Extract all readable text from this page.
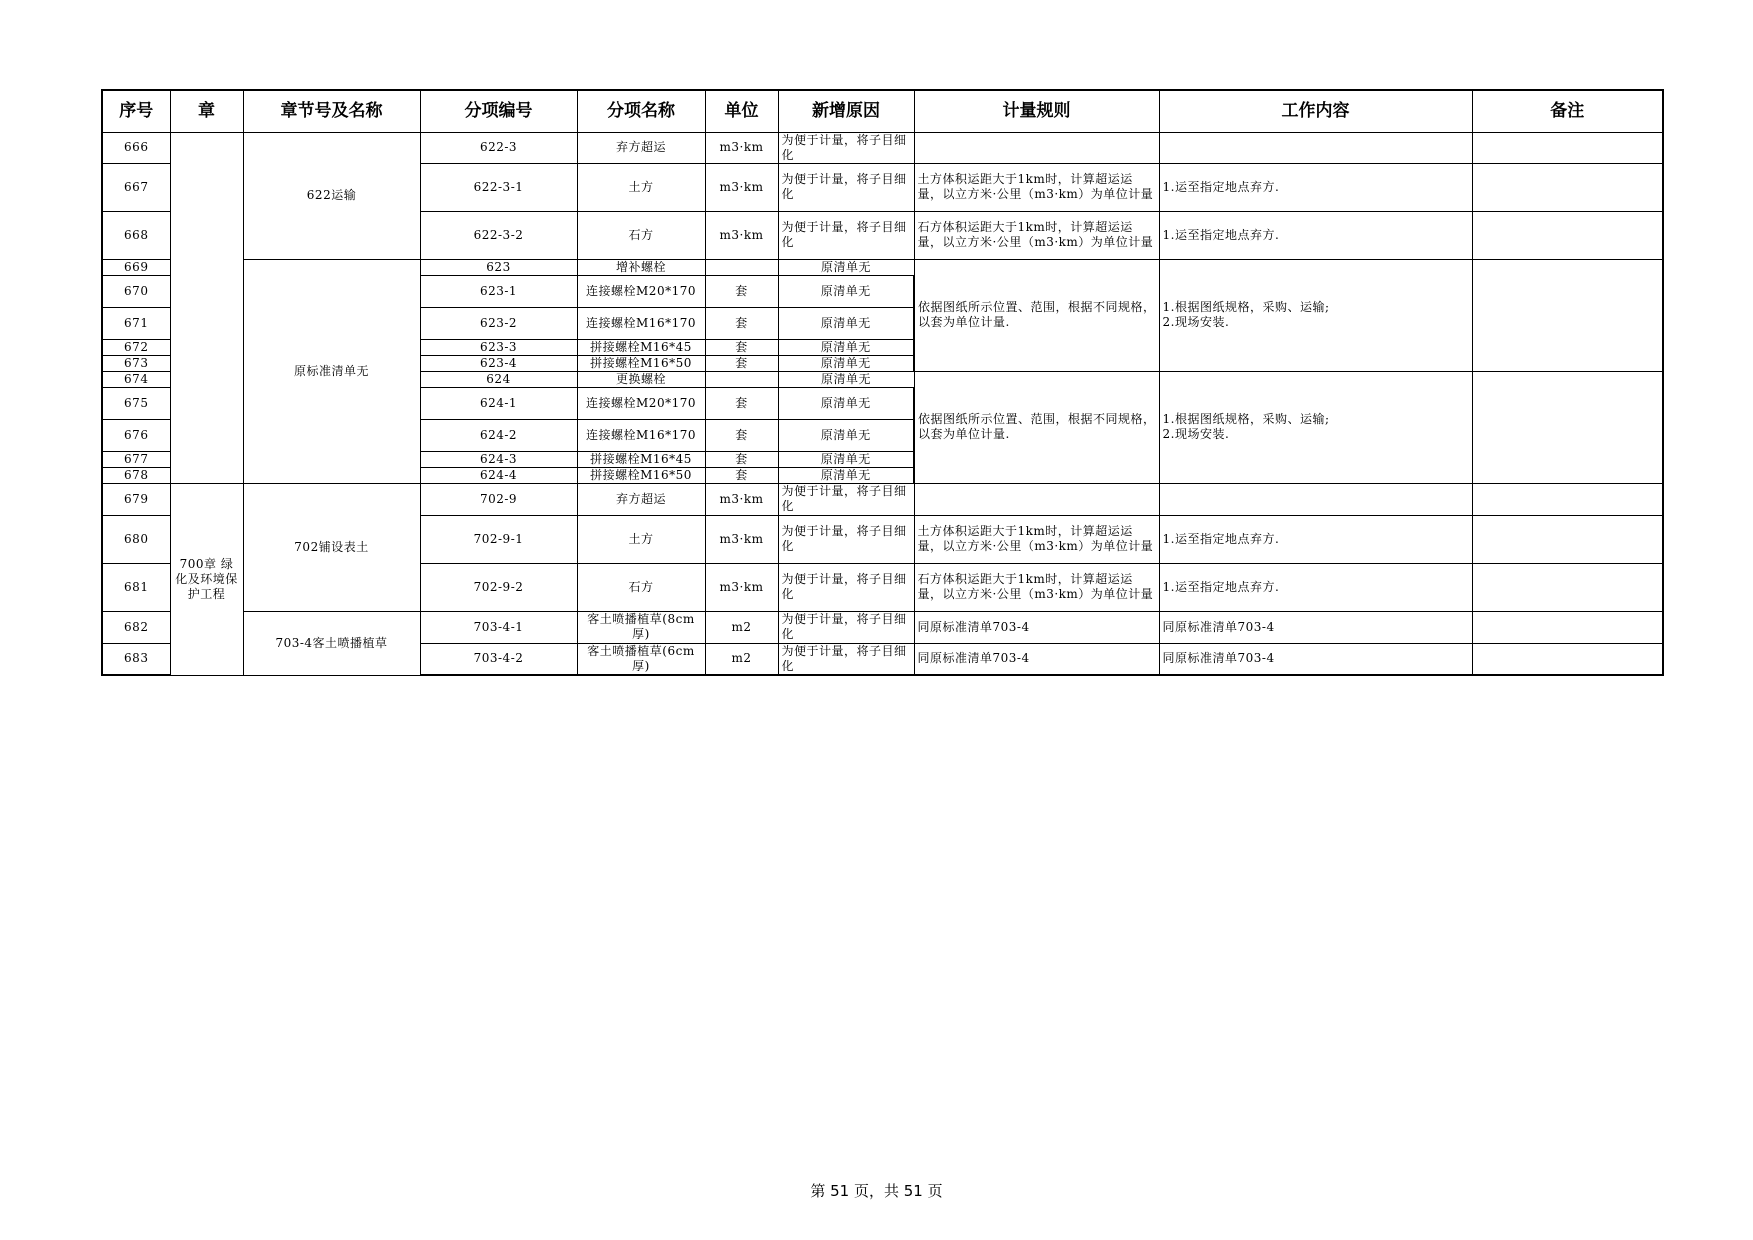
序号	章	章节号及名称	分项编号	分项名称	单位	新增原因	计量规则	工作内容	备注

666		622运输	622-3	弃方超运	m3·km	为便于计量，将子目细化			

667			622-3-1	土方	m3·km	为便于计量，将子目细化	土方体积运距大于1km时，计算超运运量，以立方米·公里（m3·km）为单位计量	1.运至指定地点弃方.	

668			622-3-2	石方	m3·km	为便于计量，将子目细化	石方体积运距大于1km时，计算超运运量，以立方米·公里（m3·km）为单位计量	1.运至指定地点弃方.	

669		原标准清单无	623	增补螺栓		原清单无	依据图纸所示位置、范围，根据不同规格，以套为单位计量.	1.根据图纸规格，采购、运输;
2.现场安装.	

670			623-1	连接螺栓M20*170	套	原清单无			

671			623-2	连接螺栓M16*170	套	原清单无			

672			623-3	拼接螺栓M16*45	套	原清单无			

673			623-4	拼接螺栓M16*50	套	原清单无			

674			624	更换螺栓		原清单无	依据图纸所示位置、范围，根据不同规格，以套为单位计量.	1.根据图纸规格，采购、运输;
2.现场安装.	

675			624-1	连接螺栓M20*170	套	原清单无			

676			624-2	连接螺栓M16*170	套	原清单无			

677			624-3	拼接螺栓M16*45	套	原清单无			

678			624-4	拼接螺栓M16*50	套	原清单无			

679	700章 绿化及环境保护工程	702铺设表土	702-9	弃方超运	m3·km	为便于计量，将子目细化			

680			702-9-1	土方	m3·km	为便于计量，将子目细化	土方体积运距大于1km时，计算超运运量，以立方米·公里（m3·km）为单位计量	1.运至指定地点弃方.	

681			702-9-2	石方	m3·km	为便于计量，将子目细化	石方体积运距大于1km时，计算超运运量，以立方米·公里（m3·km）为单位计量	1.运至指定地点弃方.	

682		703-4客土喷播植草	703-4-1	客土喷播植草(8cm厚)	m2	为便于计量，将子目细化	同原标准清单703-4	同原标准清单703-4	

683			703-4-2	客土喷播植草(6cm厚)	m2	为便于计量，将子目细化	同原标准清单703-4	同原标准清单703-4	

第 51 页，共 51 页
